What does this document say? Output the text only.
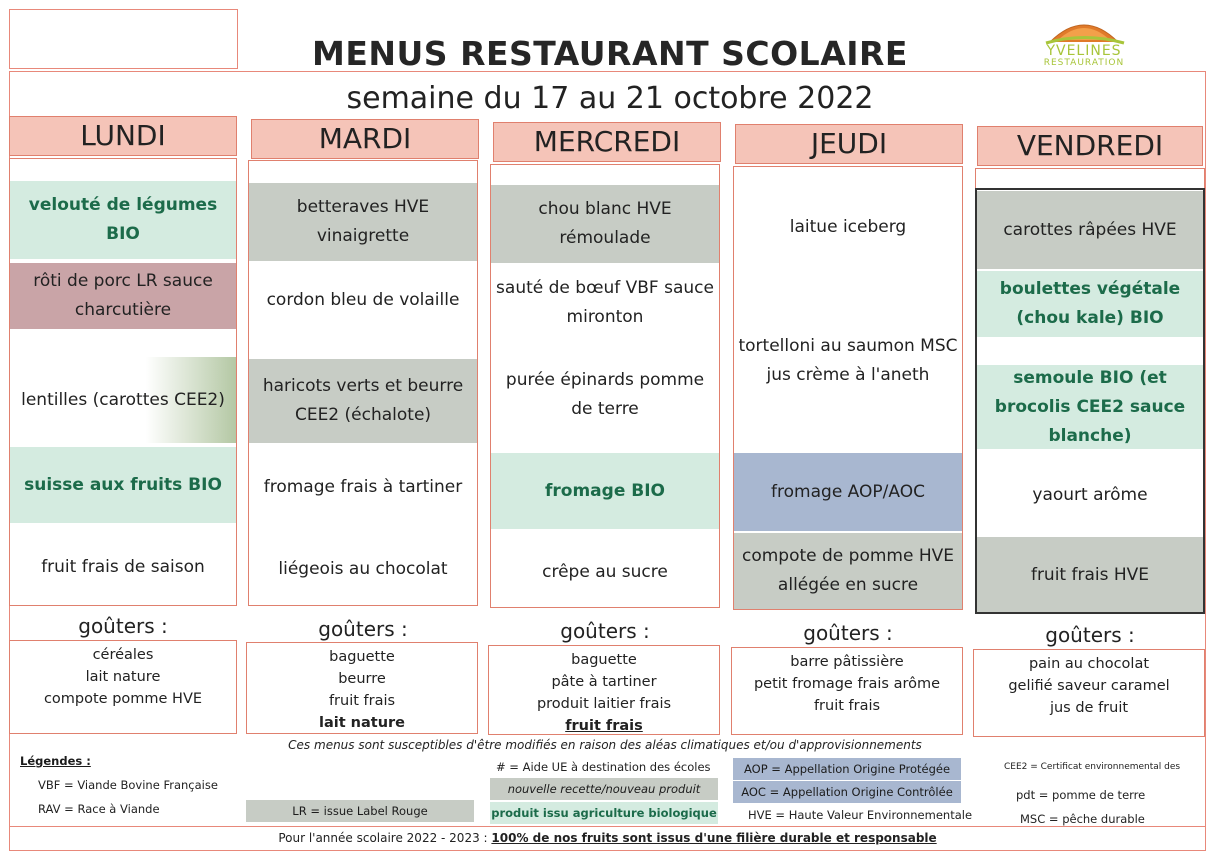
MENUS RESTAURANT SCOLAIRE	YVELINES
RESTAURATION
semaine du 17 au 21 octobre 2022
LUNDI
velouté de légumes BIO
rôti de porc LR sauce charcutière
lentilles (carottes CEE2)
suisse aux fruits BIO
fruit frais de saison
goûters :
céréales
lait nature
compote pomme HVE
MARDI
betteraves HVE vinaigrette
cordon bleu de volaille
haricots verts et beurre CEE2 (échalote)
fromage frais à tartiner
liégeois au chocolat
goûters :
baguette
beurre
fruit frais
lait nature
MERCREDI
chou blanc HVE rémoulade
sauté de bœuf VBF sauce mironton
purée épinards pomme de terre
fromage BIO
crêpe au sucre
goûters :
baguette
pâte à tartiner
produit laitier frais
fruit frais
JEUDI
laitue iceberg
tortelloni au saumon MSC jus crème à l'aneth
fromage AOP/AOC
compote de pomme HVE allégée en sucre
goûters :
barre pâtissière
petit fromage frais arôme
fruit frais
VENDREDI
carottes râpées HVE
boulettes végétale (chou kale) BIO
semoule BIO (et brocolis CEE2 sauce blanche)
yaourt arôme
fruit frais HVE
goûters :
pain au chocolat
gelifié saveur caramel
jus de fruit
Ces menus sont susceptibles d'être modifiés en raison des aléas climatiques et/ou d'approvisionnements
Légendes :
VBF = Viande Bovine Française
RAV = Race à Viande	LR = issue Label Rouge
# = Aide UE à destination des écoles
nouvelle recette/nouveau produit
produit issu agriculture biologique
AOP = Appellation Origine Protégée
AOC = Appellation Origine Contrôlée
HVE = Haute Valeur Environnementale
CEE2 = Certificat environnemental des
pdt = pomme de terre
MSC = pêche durable
Pour l'année scolaire 2022 - 2023 : 100% de nos fruits sont issus d'une filière durable et responsable
